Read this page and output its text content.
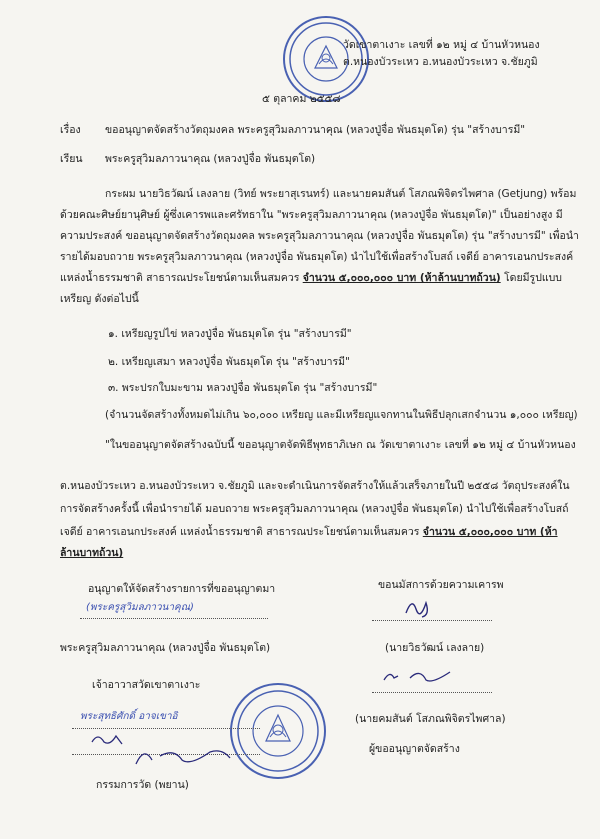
วัดเขาตาเงาะ เลขที่ ๑๒ หมู่ ๔ บ้านหัวหนอง
ต.หนองบัวระเหว อ.หนองบัวระเหว จ.ชัยภูมิ
๕ ตุลาคม ๒๕๕๘
เรื่อง ขออนุญาตจัดสร้างวัตถุมงคล พระครูสุวิมลภาวนาคุณ (หลวงปู่จื่อ พันธมุตโต) รุ่น "สร้างบารมี"
เรียน พระครูสุวิมลภาวนาคุณ (หลวงปู่จื่อ พันธมุตโต)
กระผม นายวิธวัฒน์ เลงลาย (วิทย์ พระยาสุเรนทร์) และนายคมสันต์ โสภณพิจิตรไพศาล (Getjung) พร้อม
ด้วยคณะศิษย์ยานุศิษย์ ผู้ซึ่งเคารพและศรัทธาใน "พระครูสุวิมลภาวนาคุณ (หลวงปู่จื่อ พันธมุตโต)" เป็นอย่างสูง มี
ความประสงค์ ขออนุญาตจัดสร้างวัตถุมงคล พระครูสุวิมลภาวนาคุณ (หลวงปู่จื่อ พันธมุตโต) รุ่น "สร้างบารมี" เพื่อนำ
รายได้มอบถวาย พระครูสุวิมลภาวนาคุณ (หลวงปู่จื่อ พันธมุตโต) นำไปใช้เพื่อสร้างโบสถ์ เจดีย์ อาคารเอนกประสงค์
แหล่งน้ำธรรมชาติ สาธารณประโยชน์ตามเห็นสมควร จำนวน ๕,๐๐๐,๐๐๐ บาท (ห้าล้านบาทถ้วน) โดยมีรูปแบบ
เหรียญ ดังต่อไปนี้
๑. เหรียญรูปไข่ หลวงปู่จื่อ พันธมุตโต รุ่น "สร้างบารมี"
๒. เหรียญเสมา หลวงปู่จื่อ พันธมุตโต รุ่น "สร้างบารมี"
๓. พระปรกใบมะขาม หลวงปู่จื่อ พันธมุตโต รุ่น "สร้างบารมี"
(จำนวนจัดสร้างทั้งหมดไม่เกิน ๖๐,๐๐๐ เหรียญ และมีเหรียญแจกทานในพิธีปลุกเสกจำนวน ๑,๐๐๐ เหรียญ)
"ในขออนุญาตจัดสร้างฉบับนี้ ขออนุญาตจัดพิธีพุทธาภิเษก ณ วัดเขาตาเงาะ เลขที่ ๑๒ หมู่ ๔ บ้านหัวหนอง
ต.หนองบัวระเหว อ.หนองบัวระเหว จ.ชัยภูมิ และจะดำเนินการจัดสร้างให้แล้วเสร็จภายในปี ๒๕๕๘ วัตถุประสงค์ใน
การจัดสร้างครั้งนี้ เพื่อนำรายได้ มอบถวาย พระครูสุวิมลภาวนาคุณ (หลวงปู่จื่อ พันธมุตโต) นำไปใช้เพื่อสร้างโบสถ์
เจดีย์ อาคารเอนกประสงค์ แหล่งน้ำธรรมชาติ สาธารณประโยชน์ตามเห็นสมควร จำนวน ๕,๐๐๐,๐๐๐ บาท (ห้า
ล้านบาทถ้วน)
อนุญาตให้จัดสร้างรายการที่ขออนุญาตมา	ขอนมัสการด้วยความเคารพ
(พระครูสุวิมลภาวนาคุณ)
พระครูสุวิมลภาวนาคุณ (หลวงปู่จื่อ พันธมุตโต)	(นายวิธวัฒน์ เลงลาย)
เจ้าอาวาสวัดเขาตาเงาะ
พระสุทธิศักดิ์ อาจเขาอิ	(นายคมสันต์ โสภณพิจิตรไพศาล)
ผู้ขออนุญาตจัดสร้าง
กรรมการวัด (พยาน)
